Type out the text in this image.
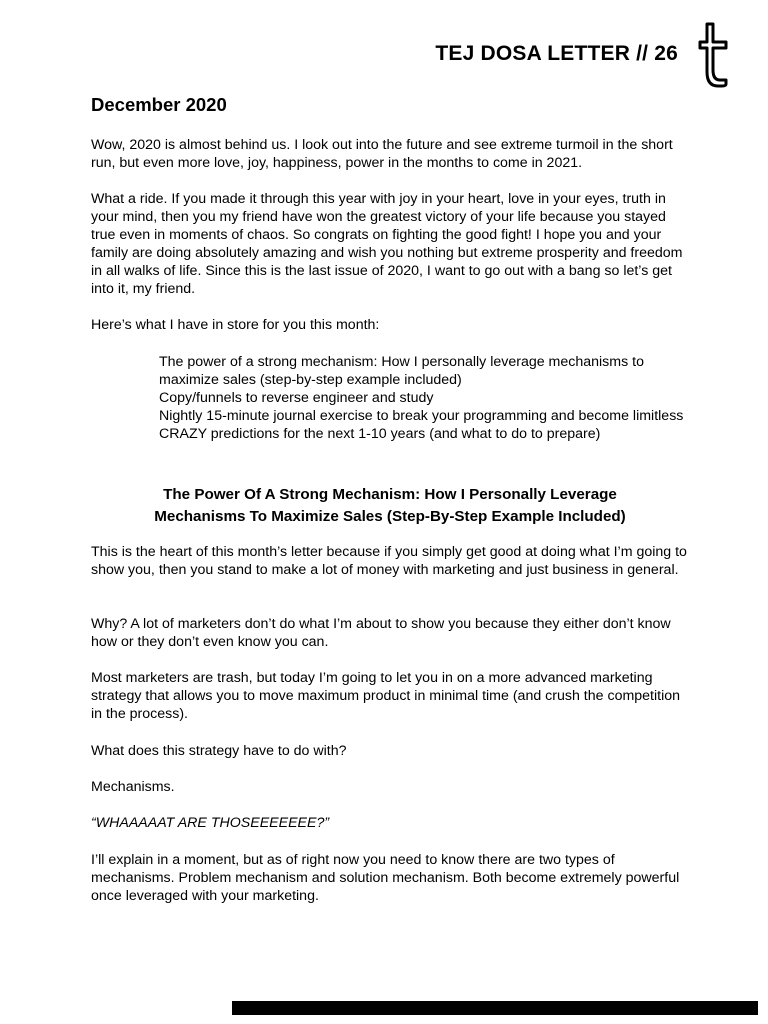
TEJ DOSA LETTER // 26
December 2020

Wow, 2020 is almost behind us. I look out into the future and see extreme turmoil in the short run, but even more love, joy, happiness, power in the months to come in 2021.

What a ride. If you made it through this year with joy in your heart, love in your eyes, truth in your mind, then you my friend have won the greatest victory of your life because you stayed true even in moments of chaos. So congrats on fighting the good fight! I hope you and your family are doing absolutely amazing and wish you nothing but extreme prosperity and freedom in all walks of life. Since this is the last issue of 2020, I want to go out with a bang so let’s get into it, my friend.

Here’s what I have in store for you this month:

The power of a strong mechanism: How I personally leverage mechanisms to maximize sales (step-by-step example included)
Copy/funnels to reverse engineer and study
Nightly 15-minute journal exercise to break your programming and become limitless
CRAZY predictions for the next 1-10 years (and what to do to prepare)
The Power Of A Strong Mechanism: How I Personally Leverage
Mechanisms To Maximize Sales (Step-By-Step Example Included)

This is the heart of this month’s letter because if you simply get good at doing what I’m going to show you, then you stand to make a lot of money with marketing and just business in general.

Why? A lot of marketers don’t do what I’m about to show you because they either don’t know how or they don’t even know you can.

Most marketers are trash, but today I’m going to let you in on a more advanced marketing strategy that allows you to move maximum product in minimal time (and crush the competition in the process).

What does this strategy have to do with?

Mechanisms.

“WHAAAAAT ARE THOSEEEEEEE?”

I’ll explain in a moment, but as of right now you need to know there are two types of mechanisms. Problem mechanism and solution mechanism. Both become extremely powerful once leveraged with your marketing.
